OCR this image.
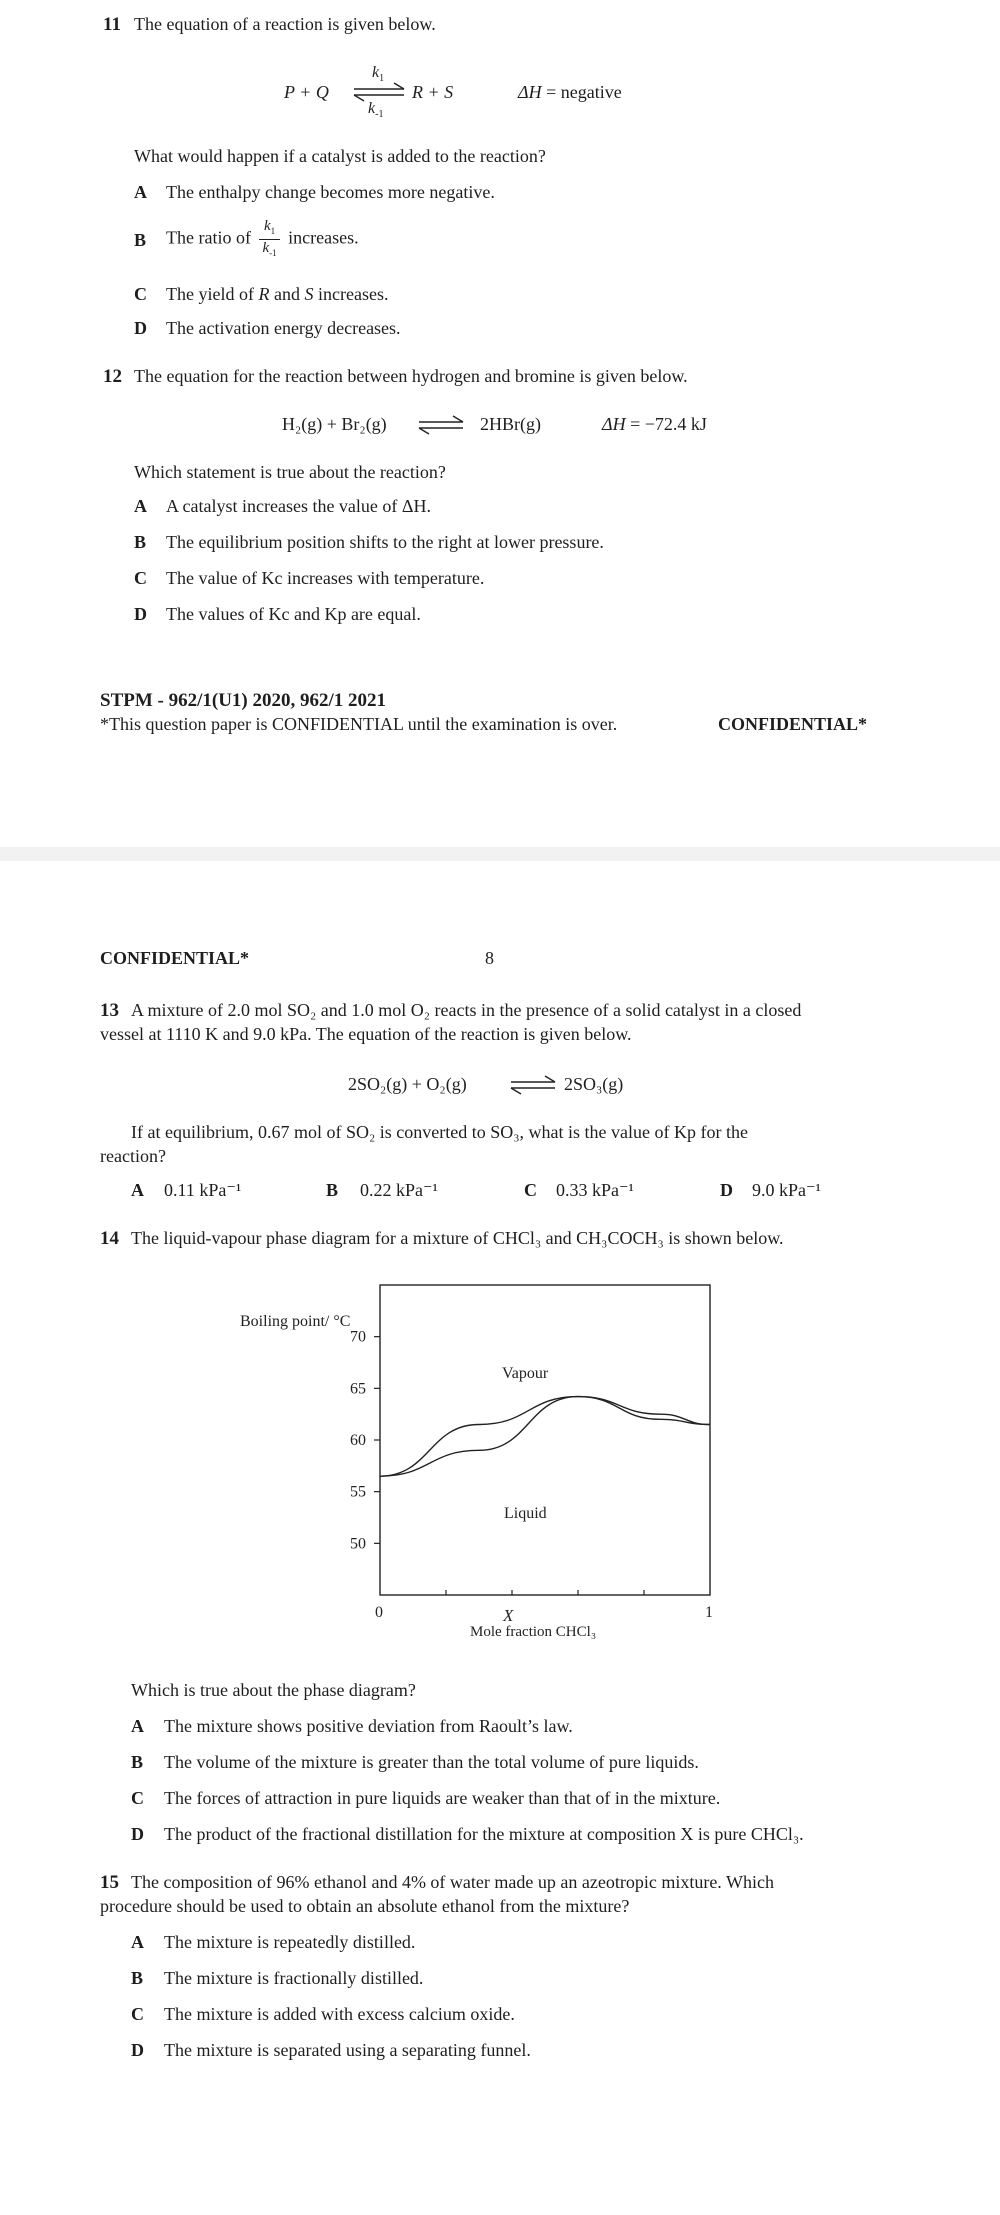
11 The equation of a reaction is given below.
P + Q
$k_1$
$k_{-1}$
R + S	ΔH = negative
What would happen if a catalyst is added to the reaction?
A The enthalpy change becomes more negative.
B The ratio of $\frac{k_1}{k_{-1}}$ increases.
C The yield of R and S increases.
D The activation energy decreases.
12 The equation for the reaction between hydrogen and bromine is given below.
H₂(g) + Br₂(g) ⇌ 2HBr(g)	ΔH = −72.4 kJ
Which statement is true about the reaction?
A A catalyst increases the value of ΔH.
B The equilibrium position shifts to the right at lower pressure.
C The value of Kc increases with temperature.
D The values of Kc and Kp are equal.
STPM - 962/1(U1) 2020, 962/1 2021
*This question paper is CONFIDENTIAL until the examination is over.	CONFIDENTIAL*
CONFIDENTIAL*	8
13 A mixture of 2.0 mol SO₂ and 1.0 mol O₂ reacts in the presence of a solid catalyst in a closed
vessel at 1110 K and 9.0 kPa. The equation of the reaction is given below.
2SO₂(g) + O₂(g)	⇌ 2SO₃(g)
If at equilibrium, 0.67 mol of SO₂ is converted to SO₃, what is the value of Kp for the
reaction?
A 0.11 kPa⁻¹	B 0.22 kPa⁻¹	C 0.33 kPa⁻¹	D 9.0 kPa⁻¹
14 The liquid-vapour phase diagram for a mixture of CHCl₃ and CH₃COCH₃ is shown below.
Boiling point/ °C
Mole fraction CHCl₃
70
65
60
55
50
0	1
X
Vapour
Liquid
Which is true about the phase diagram?
A The mixture shows positive deviation from Raoult’s law.
B The volume of the mixture is greater than the total volume of pure liquids.
C The forces of attraction in pure liquids are weaker than that of in the mixture.
D The product of the fractional distillation for the mixture at composition X is pure CHCl₃.
15 The composition of 96% ethanol and 4% of water made up an azeotropic mixture. Which
procedure should be used to obtain an absolute ethanol from the mixture?
A The mixture is repeatedly distilled.
B The mixture is fractionally distilled.
C The mixture is added with excess calcium oxide.
D The mixture is separated using a separating funnel.
